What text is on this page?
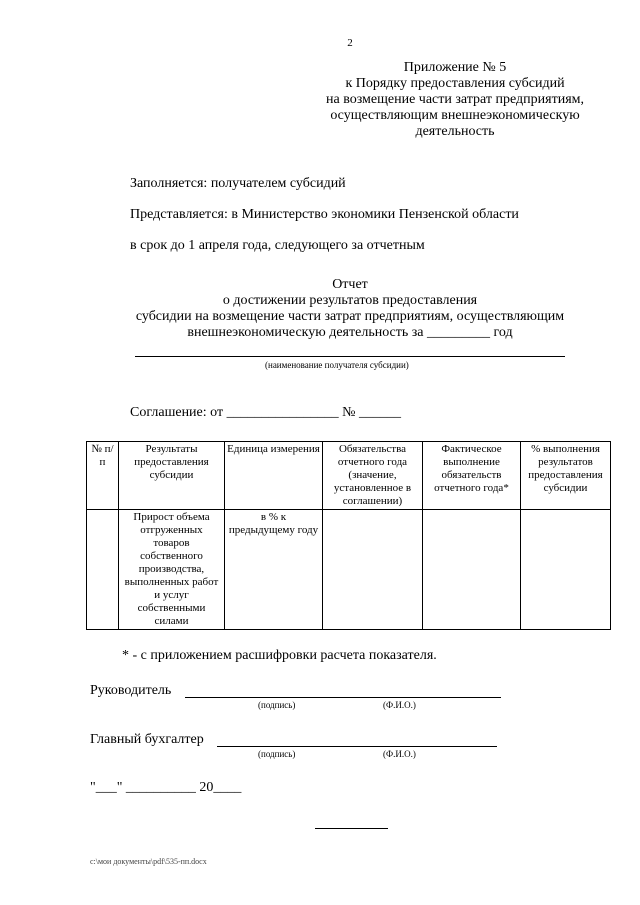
2
Приложение № 5
к Порядку предоставления субсидий
на возмещение части затрат предприятиям,
осуществляющим внешнеэкономическую
деятельность
Заполняется: получателем субсидий
Представляется: в Министерство экономики Пензенской области
в срок до 1 апреля года, следующего за отчетным
Отчет
о достижении результатов предоставления
субсидии на возмещение части затрат предприятиям, осуществляющим
внешнеэкономическую деятельность за _________ год
(наименование получателя субсидии)
Соглашение: от ________________ № ______
№ п/п	Результаты предоставления субсидии	Единица измерения	Обязательства отчетного года (значение, установленное в соглашении)	Фактическое выполнение обязательств отчетного года*	% выполнения результатов предоставления субсидии
	Прирост объема отгруженных товаров собственного производства, выполненных работ и услуг собственными силами	в % к предыдущему году			
* - с приложением расшифровки расчета показателя.
Руководитель
(подпись)	(Ф.И.О.)
Главный бухгалтер
(подпись)	(Ф.И.О.)
"___" __________ 20____
c:\мои документы\pdf\535-пп.docx
